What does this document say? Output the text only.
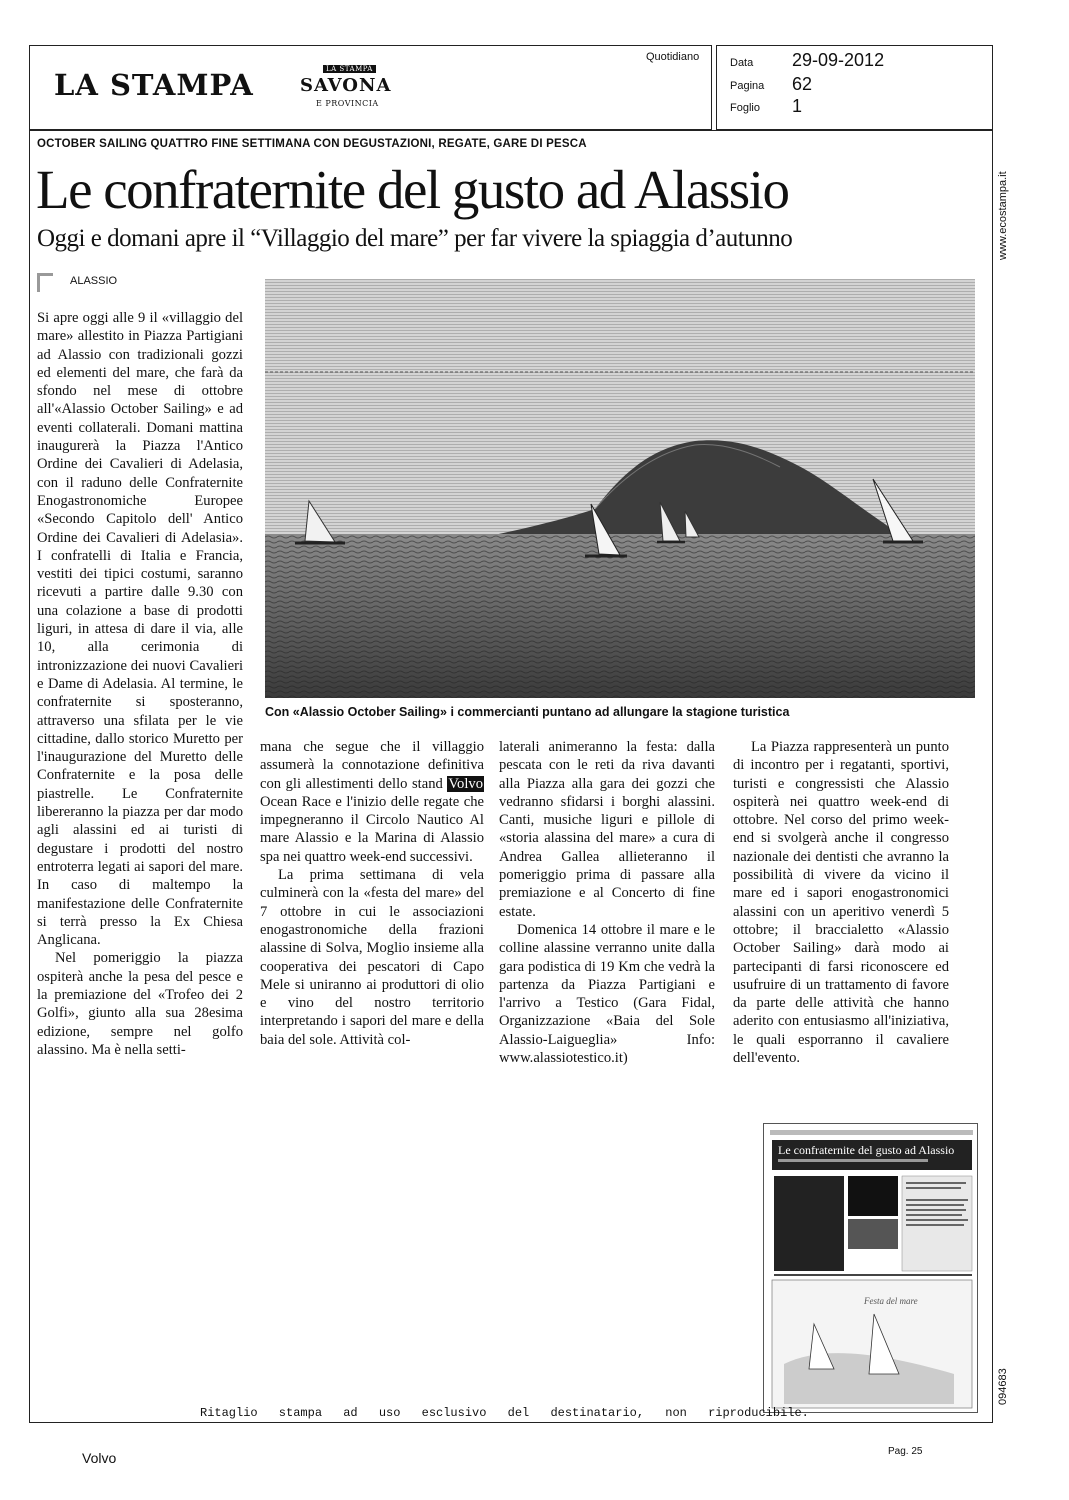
LA STAMPA	LA STAMPA
SAVONA
E PROVINCIA
Quotidiano	Data 29-09-2012
Pagina 62
Foglio 1
OCTOBER SAILING QUATTRO FINE SETTIMANA CON DEGUSTAZIONI, REGATE, GARE DI PESCA
Le confraternite del gusto ad Alassio
Oggi e domani apre il “Villaggio del mare” per far vivere la spiaggia d’autunno	www.ecostampa.it
094683
ALASSIO
Con «Alassio October Sailing» i commercianti puntano ad allungare la stagione turistica

Si apre oggi alle 9 il «villaggio del mare» allestito in Piazza Partigiani ad Alassio con tradizionali gozzi ed elementi del mare, che farà da sfondo nel mese di ottobre all'«Alassio October Sailing» e ad eventi collaterali. Domani mattina inaugurerà la Piazza l'Antico Ordine dei Cavalieri di Adelasia, con il raduno delle Confraternite Enogastronomiche Europee «Secondo Capitolo dell' Antico Ordine dei Cavalieri di Adelasia». I confratelli di Italia e Francia, vestiti dei tipici costumi, saranno ricevuti a partire dalle 9.30 con una colazione a base di prodotti liguri, in attesa di dare il via, alle 10, alla cerimonia di intronizzazione dei nuovi Cavalieri e Dame di Adelasia. Al termine, le confraternite si sposteranno, attraverso una sfilata per le vie cittadine, dallo storico Muretto per l'inaugurazione del Muretto delle Confraternite e la posa delle piastrelle. Le Confraternite libereranno la piazza per dar modo agli alassini ed ai turisti di degustare i prodotti del nostro entroterra legati ai sapori del mare. In caso di maltempo la manifestazione delle Confraternite si terrà presso la Ex Chiesa Anglicana.

Nel pomeriggio la piazza ospiterà anche la pesa del pesce e la premiazione del «Trofeo dei 2 Golfi», giunto alla sua 28esima edizione, sempre nel golfo alassino. Ma è nella setti-

mana che segue che il villaggio assumerà la connotazione definitiva con gli allestimenti dello stand Volvo Ocean Race e l'inizio delle regate che impegneranno il Circolo Nautico Al mare Alassio e la Marina di Alassio spa nei quattro week-end successivi.

La prima settimana di vela culminerà con la «festa del mare» del 7 ottobre in cui le associazioni enogastronomiche della frazioni alassine di Solva, Moglio insieme alla cooperativa dei pescatori di Capo Mele si uniranno ai produttori di olio e vino del nostro territorio interpretando i sapori del mare e della baia del sole. Attività col-

laterali animeranno la festa: dalla pescata con le reti da riva davanti alla Piazza alla gara dei gozzi che vedranno sfidarsi i borghi alassini. Canti, musiche liguri e pillole di «storia alassina del mare» a cura di Andrea Gallea allieteranno il pomeriggio prima di passare alla premiazione e al Concerto di fine estate.

Domenica 14 ottobre il mare e le colline alassine verranno unite dalla gara podistica di 19 Km che vedrà la partenza da Piazza Partigiani e l'arrivo a Testico (Gara Fidal, Organizzazione «Baia del Sole Alassio-Laigueglia» Info: www.alassiotestico.it)

La Piazza rappresenterà un punto di incontro per i regatanti, sportivi, turisti e congressisti che Alassio ospiterà nei quattro week-end di ottobre. Nel corso del primo week-end si svolgerà anche il congresso nazionale dei dentisti che avranno la possibilità di vivere da vicino il mare ed i sapori enogastronomici alassini con un aperitivo venerdì 5 ottobre; il braccialetto «Alassio October Sailing» darà modo ai partecipanti di farsi riconoscere ed usufruire di un trattamento di favore da parte delle attività che hanno aderito con entusiasmo all'iniziativa, le quali esporranno il cavaliere dell'evento.

Le confraternite del gusto ad Alassio
Festa del mare
Ritaglio stampa ad uso esclusivo del destinatario, non riproducibile.
Volvo	Pag. 25
